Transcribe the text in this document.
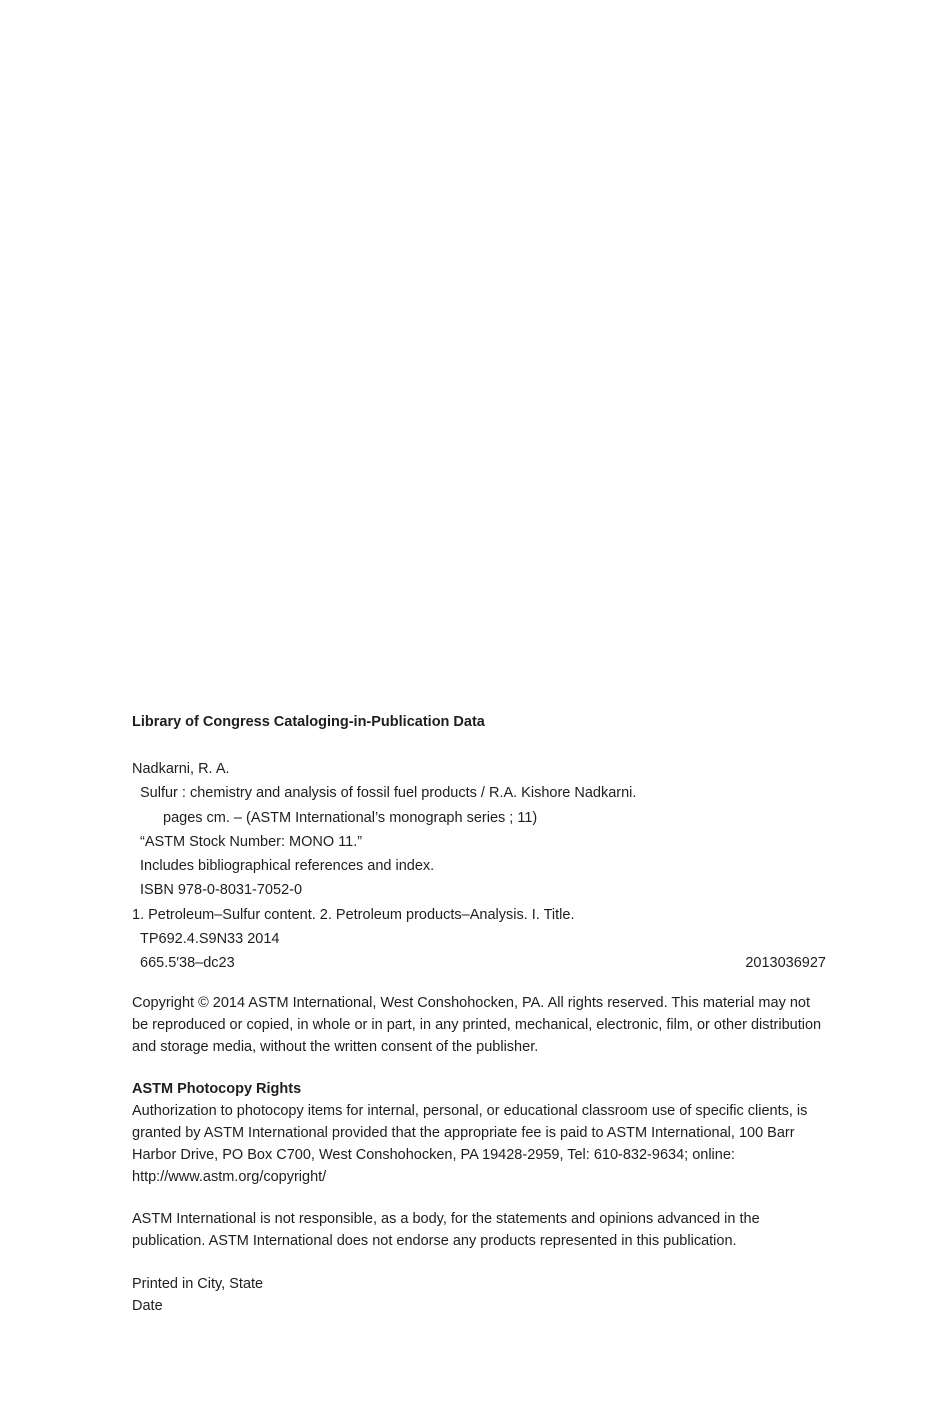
Library of Congress Cataloging-in-Publication Data
Nadkarni, R. A.
Sulfur : chemistry and analysis of fossil fuel products / R.A. Kishore Nadkarni.
pages cm. – (ASTM International’s monograph series ; 11)
“ASTM Stock Number: MONO 11.”
Includes bibliographical references and index.
ISBN 978-0-8031-7052-0
1. Petroleum–Sulfur content. 2. Petroleum products–Analysis. I. Title.
TP692.4.S9N33 2014
665.5′38–dc23	2013036927
Copyright © 2014 ASTM International, West Conshohocken, PA. All rights reserved. This material may not be reproduced or copied, in whole or in part, in any printed, mechanical, electronic, film, or other distribution and storage media, without the written consent of the publisher.
ASTM Photocopy Rights
Authorization to photocopy items for internal, personal, or educational classroom use of specific clients, is granted by ASTM International provided that the appropriate fee is paid to ASTM International, 100 Barr Harbor Drive, PO Box C700, West Conshohocken, PA 19428-2959, Tel: 610-832-9634; online: http://www.astm.org/copyright/
ASTM International is not responsible, as a body, for the statements and opinions advanced in the publication. ASTM International does not endorse any products represented in this publication.
Printed in City, State
Date
